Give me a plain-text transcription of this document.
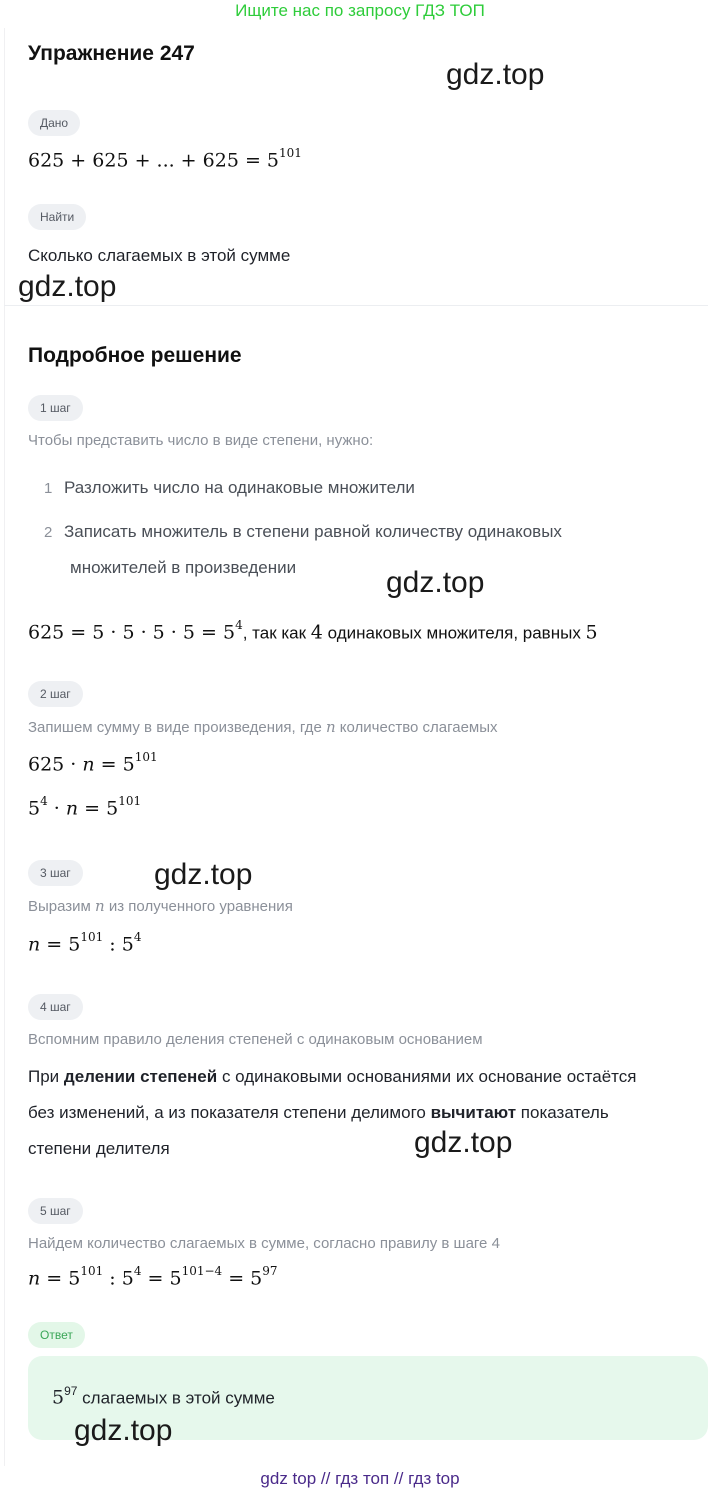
Ищите нас по запросу ГДЗ ТОП
Упражнение 247
gdz.top
Дано
625 + 625 + ... + $625 = 5^{101}$
Найти
Сколько слагаемых в этой сумме
gdz.top
Подробное решение
1 шаг
Чтобы представить число в виде степени, нужно:
1 Разложить число на одинаковые множители
2 Записать множитель в степени равной количеству одинаковых
множителей в произведении	gdz.top
$625 = 5 \cdot 5 \cdot 5 \cdot 5 = 5^4$, так как 4 одинаковых множителя, равных 5
2 шаг
Запишем сумму в виде произведения, где n количество слагаемых
$625 \cdot n = 5^{101}$
$5^4 \cdot n = 5^{101}$
3 шаг	gdz.top
Выразим n из полученного уравнения
$n = 5^{101}$ : $5^4$
4 шаг
Вспомним правило деления степеней с одинаковым основанием
При делении степеней с одинаковыми основаниями их основание остаётся
без изменений, а из показателя степени делимого вычитают показатель
степени делителя	gdz.top
5 шаг
Найдем количество слагаемых в сумме, согласно правилу в шаге 4
$n = 5^{101}$ : $5^4 = 5^{101-4} = 5^{97}$
Ответ
$5^{97}$ слагаемых в этой сумме
gdz.top
gdz top // гдз топ // гдз top
